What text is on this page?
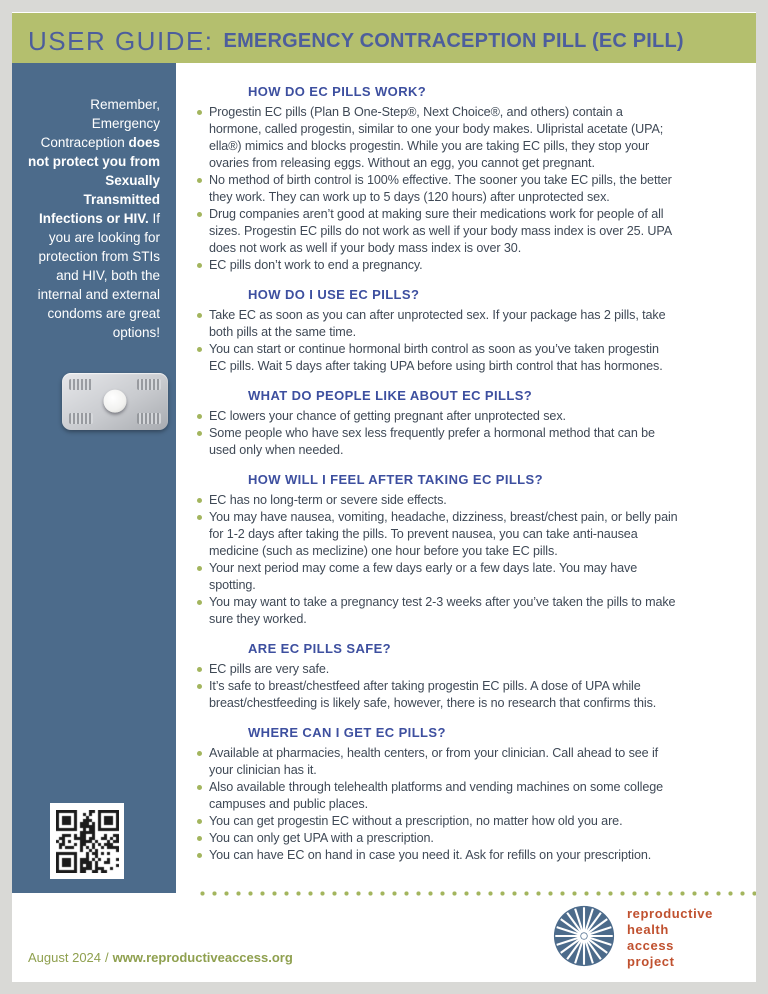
USER GUIDE: EMERGENCY CONTRACEPTION PILL (EC PILL)

Remember, Emergency Contraception does not protect you from Sexually Transmitted Infections or HIV. If you are looking for protection from STIs and HIV, both the internal and external condoms are great options!

HOW DO EC PILLS WORK?
Progestin EC pills (Plan B One-Step®, Next Choice®, and others) contain a hormone, called progestin, similar to one your body makes. Ulipristal acetate (UPA; ella®) mimics and blocks progestin. While you are taking EC pills, they stop your ovaries from releasing eggs. Without an egg, you cannot get pregnant.
No method of birth control is 100% effective. The sooner you take EC pills, the better they work. They can work up to 5 days (120 hours) after unprotected sex.
Drug companies aren’t good at making sure their medications work for people of all sizes. Progestin EC pills do not work as well if your body mass index is over 25. UPA does not work as well if your body mass index is over 30.
EC pills don’t work to end a pregnancy.
HOW DO I USE EC PILLS?
Take EC as soon as you can after unprotected sex. If your package has 2 pills, take both pills at the same time.
You can start or continue hormonal birth control as soon as you’ve taken progestin EC pills. Wait 5 days after taking UPA before using birth control that has hormones.
WHAT DO PEOPLE LIKE ABOUT EC PILLS?
EC lowers your chance of getting pregnant after unprotected sex.
Some people who have sex less frequently prefer a hormonal method that can be used only when needed.
HOW WILL I FEEL AFTER TAKING EC PILLS?
EC has no long-term or severe side effects.
You may have nausea, vomiting, headache, dizziness, breast/chest pain, or belly pain for 1-2 days after taking the pills. To prevent nausea, you can take anti-nausea medicine (such as meclizine) one hour before you take EC pills.
Your next period may come a few days early or a few days late. You may have spotting.
You may want to take a pregnancy test 2-3 weeks after you’ve taken the pills to make sure they worked.
ARE EC PILLS SAFE?
EC pills are very safe.
It’s safe to breast/chestfeed after taking progestin EC pills. A dose of UPA while breast/chestfeeding is likely safe, however, there is no research that confirms this.
WHERE CAN I GET EC PILLS?
Available at pharmacies, health centers, or from your clinician. Call ahead to see if your clinician has it.
Also available through telehealth platforms and vending machines on some college campuses and public places.
You can get progestin EC without a prescription, no matter how old you are.
You can only get UPA with a prescription.
You can have EC on hand in case you need it. Ask for refills on your prescription.
August 2024 / www.reproductiveaccess.org
reproductive
health
access
project
